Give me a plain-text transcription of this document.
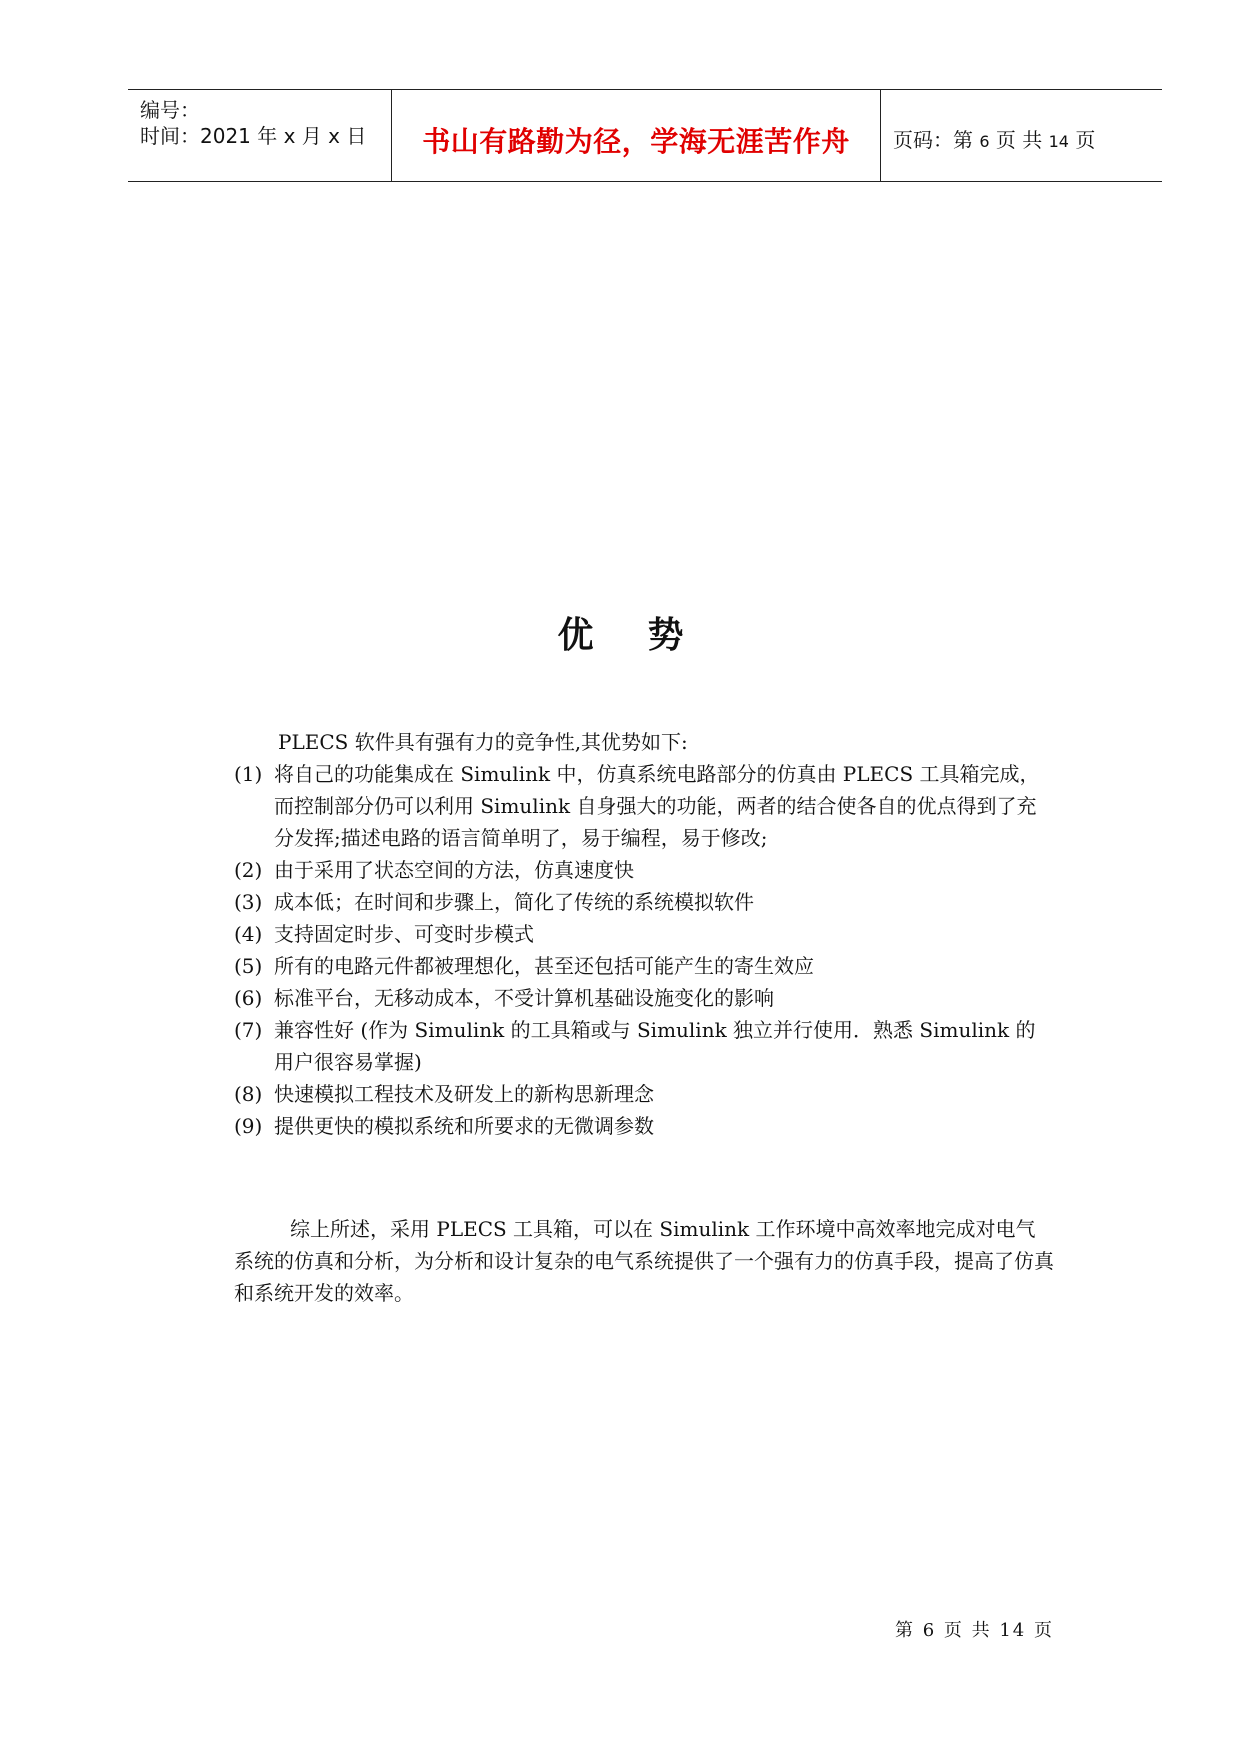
编号：
时间：2021 年 x 月 x 日	书山有路勤为径，学海无涯苦作舟	页码：第 6 页 共 14 页
优势
PLECS 软件具有强有力的竞争性,其优势如下:
(1) 将自己的功能集成在 Simulink 中，仿真系统电路部分的仿真由 PLECS 工具箱完成，而控制部分仍可以利用 Simulink 自身强大的功能，两者的结合使各自的优点得到了充分发挥;描述电路的语言简单明了，易于编程，易于修改;
(2) 由于采用了状态空间的方法，仿真速度快
(3) 成本低；在时间和步骤上，简化了传统的系统模拟软件
(4) 支持固定时步、可变时步模式
(5) 所有的电路元件都被理想化，甚至还包括可能产生的寄生效应
(6) 标准平台，无移动成本，不受计算机基础设施变化的影响
(7) 兼容性好 (作为 Simulink 的工具箱或与 Simulink 独立并行使用．熟悉 Simulink 的用户很容易掌握)
(8) 快速模拟工程技术及研发上的新构思新理念
(9) 提供更快的模拟系统和所要求的无微调参数
综上所述，采用 PLECS 工具箱，可以在 Simulink 工作环境中高效率地完成对电气系统的仿真和分析，为分析和设计复杂的电气系统提供了一个强有力的仿真手段，提高了仿真和系统开发的效率。
第 6 页 共 14 页
